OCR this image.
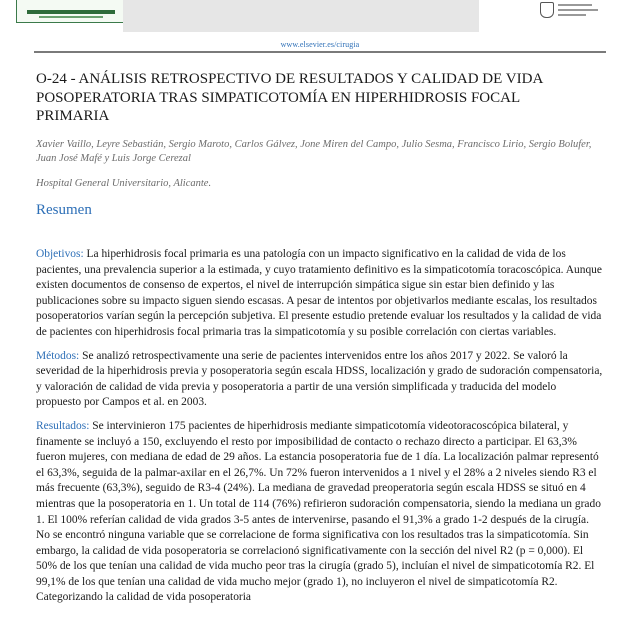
www.elsevier.es/cirugia
O-24 - ANÁLISIS RETROSPECTIVO DE RESULTADOS Y CALIDAD DE VIDA POSOPERATORIA TRAS SIMPATICOTOMÍA EN HIPERHIDROSIS FOCAL PRIMARIA
Xavier Vaillo, Leyre Sebastián, Sergio Maroto, Carlos Gálvez, Jone Miren del Campo, Julio Sesma, Francisco Lirio, Sergio Bolufer, Juan José Mafé y Luis Jorge Cerezal
Hospital General Universitario, Alicante.
Resumen

Objetivos: La hiperhidrosis focal primaria es una patología con un impacto significativo en la calidad de vida de los pacientes, una prevalencia superior a la estimada, y cuyo tratamiento definitivo es la simpaticotomía toracoscópica. Aunque existen documentos de consenso de expertos, el nivel de interrupción simpática sigue sin estar bien definido y las publicaciones sobre su impacto siguen siendo escasas. A pesar de intentos por objetivarlos mediante escalas, los resultados posoperatorios varían según la percepción subjetiva. El presente estudio pretende evaluar los resultados y la calidad de vida de pacientes con hiperhidrosis focal primaria tras la simpaticotomía y su posible correlación con ciertas variables.

Métodos: Se analizó retrospectivamente una serie de pacientes intervenidos entre los años 2017 y 2022. Se valoró la severidad de la hiperhidrosis previa y posoperatoria según escala HDSS, localización y grado de sudoración compensatoria, y valoración de calidad de vida previa y posoperatoria a partir de una versión simplificada y traducida del modelo propuesto por Campos et al. en 2003.

Resultados: Se intervinieron 175 pacientes de hiperhidrosis mediante simpaticotomía videotoracoscópica bilateral, y finamente se incluyó a 150, excluyendo el resto por imposibilidad de contacto o rechazo directo a participar. El 63,3% fueron mujeres, con mediana de edad de 29 años. La estancia posoperatoria fue de 1 día. La localización palmar representó el 63,3%, seguida de la palmar-axilar en el 26,7%. Un 72% fueron intervenidos a 1 nivel y el 28% a 2 niveles siendo R3 el más frecuente (63,3%), seguido de R3-4 (24%). La mediana de gravedad preoperatoria según escala HDSS se situó en 4 mientras que la posoperatoria en 1. Un total de 114 (76%) refirieron sudoración compensatoria, siendo la mediana un grado 1. El 100% referían calidad de vida grados 3-5 antes de intervenirse, pasando el 91,3% a grado 1-2 después de la cirugía. No se encontró ninguna variable que se correlacione de forma significativa con los resultados tras la simpaticotomía. Sin embargo, la calidad de vida posoperatoria se correlacionó significativamente con la sección del nivel R2 (p = 0,000). El 50% de los que tenían una calidad de vida mucho peor tras la cirugía (grado 5), incluían el nivel de simpaticotomía R2. El 99,1% de los que tenían una calidad de vida mucho mejor (grado 1), no incluyeron el nivel de simpaticotomía R2. Categorizando la calidad de vida posoperatoria
